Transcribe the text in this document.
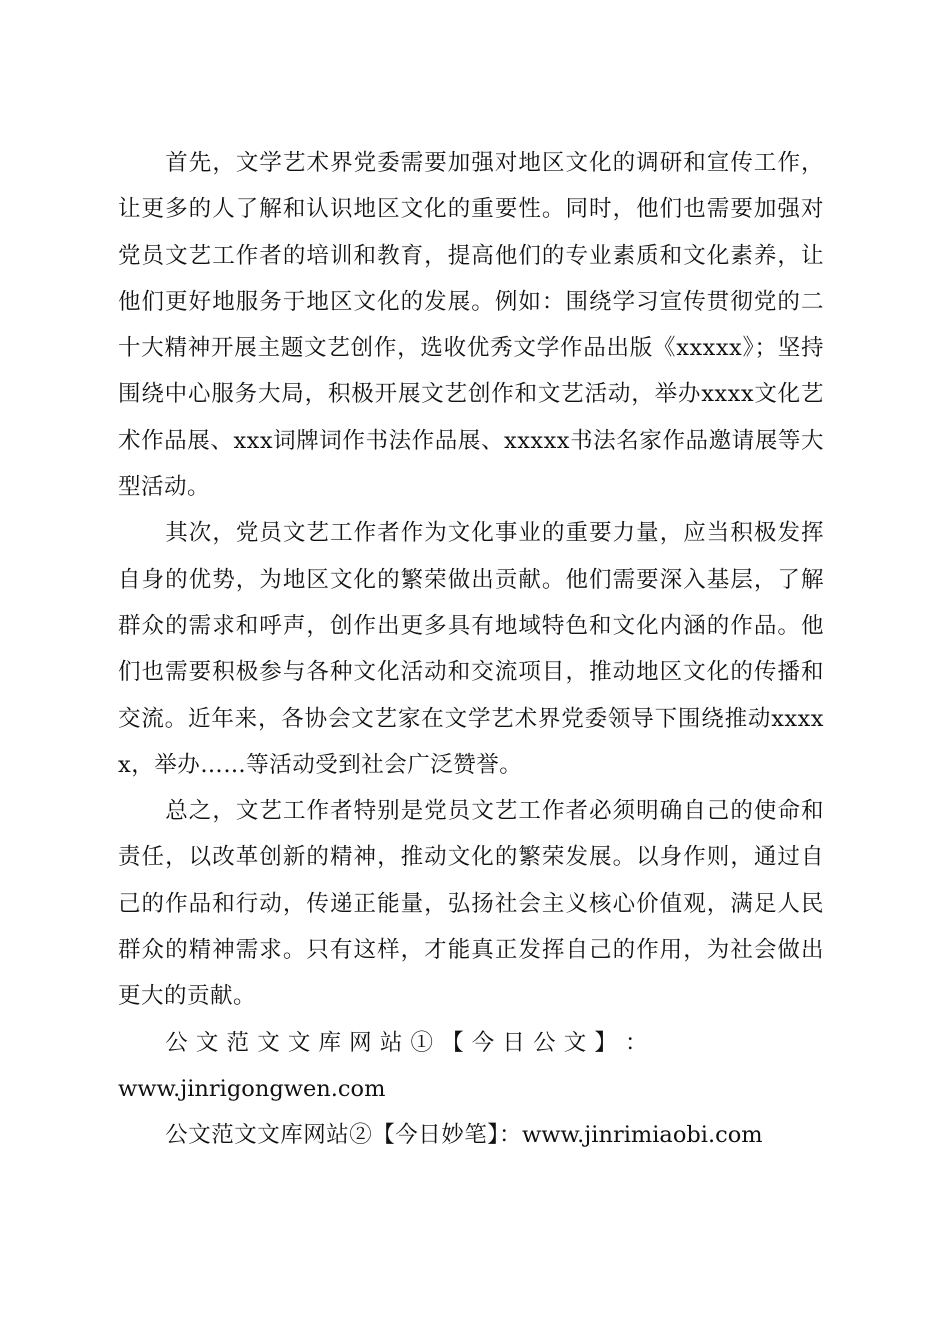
首先，文学艺术界党委需要加强对地区文化的调研和宣传工作，让更多的人了解和认识地区文化的重要性。同时，他们也需要加强对党员文艺工作者的培训和教育，提高他们的专业素质和文化素养，让他们更好地服务于地区文化的发展。例如：围绕学习宣传贯彻党的二十大精神开展主题文艺创作，选收优秀文学作品出版《xxxxx》；坚持围绕中心服务大局，积极开展文艺创作和文艺活动，举办xxxx文化艺术作品展、xxx词牌词作书法作品展、xxxxx书法名家作品邀请展等大型活动。

其次，党员文艺工作者作为文化事业的重要力量，应当积极发挥自身的优势，为地区文化的繁荣做出贡献。他们需要深入基层，了解群众的需求和呼声，创作出更多具有地域特色和文化内涵的作品。他们也需要积极参与各种文化活动和交流项目，推动地区文化的传播和交流。近年来，各协会文艺家在文学艺术界党委领导下围绕推动xxxxx，举办……等活动受到社会广泛赞誉。

总之，文艺工作者特别是党员文艺工作者必须明确自己的使命和责任，以改革创新的精神，推动文化的繁荣发展。以身作则，通过自己的作品和行动，传递正能量，弘扬社会主义核心价值观，满足人民群众的精神需求。只有这样，才能真正发挥自己的作用，为社会做出更大的贡献。

公 文 范 文 文 库 网 站 ① 【 今 日 公 文 】 ：
www.jinrigongwen.com

公文范文文库网站②【今日妙笔】：www.jinrimiaobi.com
